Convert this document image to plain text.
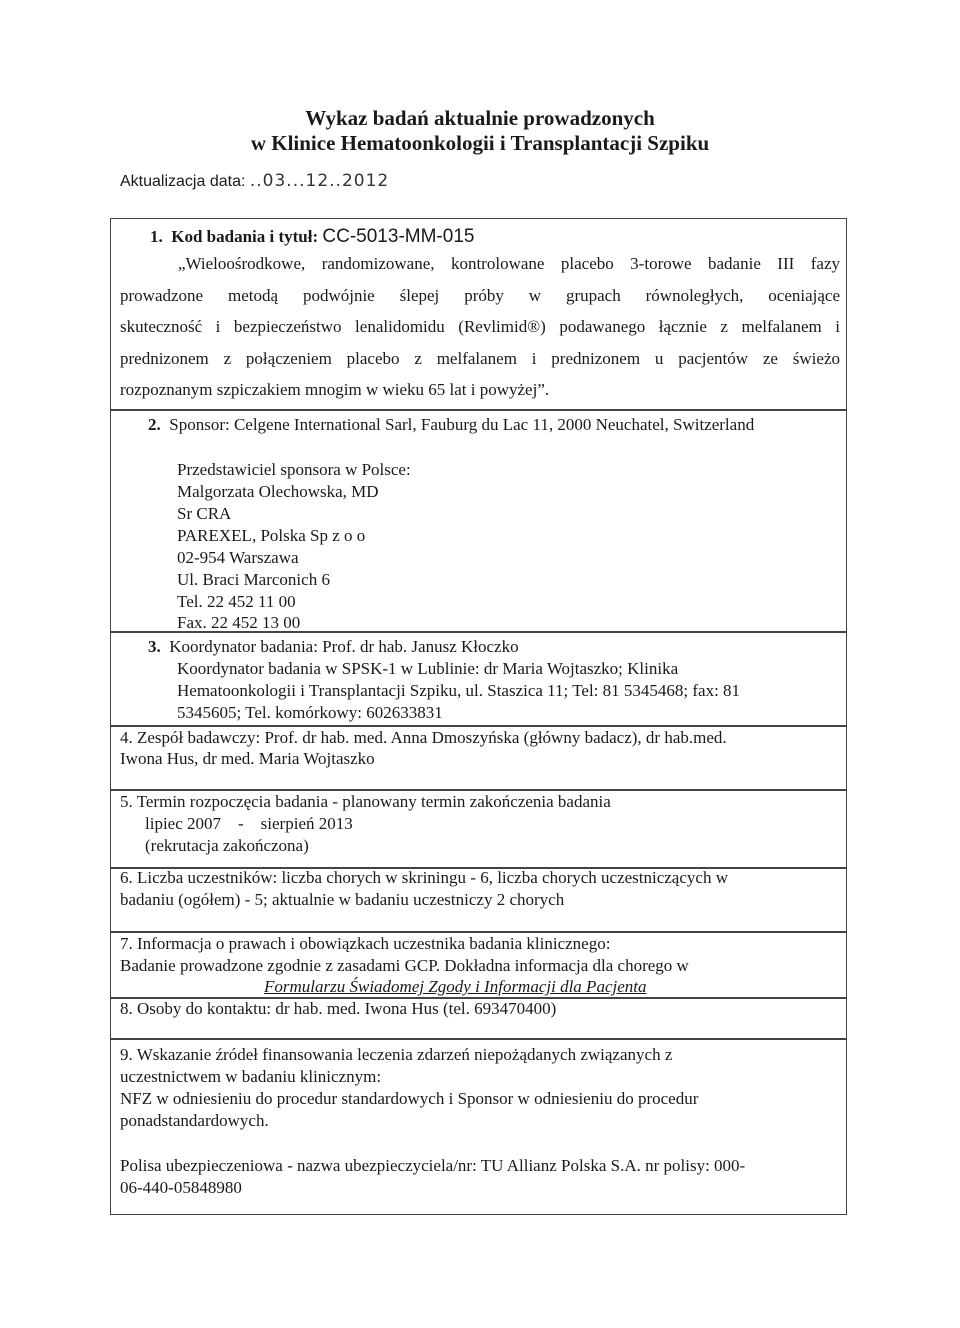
Wykaz badań aktualnie prowadzonych
w Klinice Hematoonkologii i Transplantacji Szpiku
Aktualizacja data: ..03...12..2012
1. Kod badania i tytuł: CC-5013-MM-015
„Wieloośrodkowe, randomizowane, kontrolowane placebo 3-torowe badanie III fazy
prowadzone metodą podwójnie ślepej próby w grupach równoległych, oceniające
skuteczność i bezpieczeństwo lenalidomidu (Revlimid®) podawanego łącznie z melfalanem i
prednizonem z połączeniem placebo z melfalanem i prednizonem u pacjentów ze świeżo
rozpoznanym szpiczakiem mnogim w wieku 65 lat i powyżej”.
2. Sponsor: Celgene International Sarl, Fauburg du Lac 11, 2000 Neuchatel, Switzerland
Przedstawiciel sponsora w Polsce:
Malgorzata Olechowska, MD
Sr CRA
PAREXEL, Polska Sp z o o
02-954 Warszawa
Ul. Braci Marconich 6
Tel. 22 452 11 00
Fax. 22 452 13 00
3. Koordynator badania: Prof. dr hab. Janusz Kłoczko
Koordynator badania w SPSK-1 w Lublinie: dr Maria Wojtaszko; Klinika
Hematoonkologii i Transplantacji Szpiku, ul. Staszica 11; Tel: 81 5345468; fax: 81
5345605; Tel. komórkowy: 602633831
4. Zespół badawczy: Prof. dr hab. med. Anna Dmoszyńska (główny badacz), dr hab.med.
Iwona Hus, dr med. Maria Wojtaszko
5. Termin rozpoczęcia badania - planowany termin zakończenia badania
lipiec 2007    -    sierpień 2013
(rekrutacja zakończona)
6. Liczba uczestników: liczba chorych w skriningu - 6, liczba chorych uczestniczących w
badaniu (ogółem) - 5; aktualnie w badaniu uczestniczy 2 chorych
7. Informacja o prawach i obowiązkach uczestnika badania klinicznego:
Badanie prowadzone zgodnie z zasadami GCP. Dokładna informacja dla chorego w
Formularzu Świadomej Zgody i Informacji dla Pacjenta
8. Osoby do kontaktu: dr hab. med. Iwona Hus (tel. 693470400)
9. Wskazanie źródeł finansowania leczenia zdarzeń niepożądanych związanych z
uczestnictwem w badaniu klinicznym:
NFZ w odniesieniu do procedur standardowych i Sponsor w odniesieniu do procedur
ponadstandardowych.
Polisa ubezpieczeniowa - nazwa ubezpieczyciela/nr: TU Allianz Polska S.A. nr polisy: 000-
06-440-05848980
